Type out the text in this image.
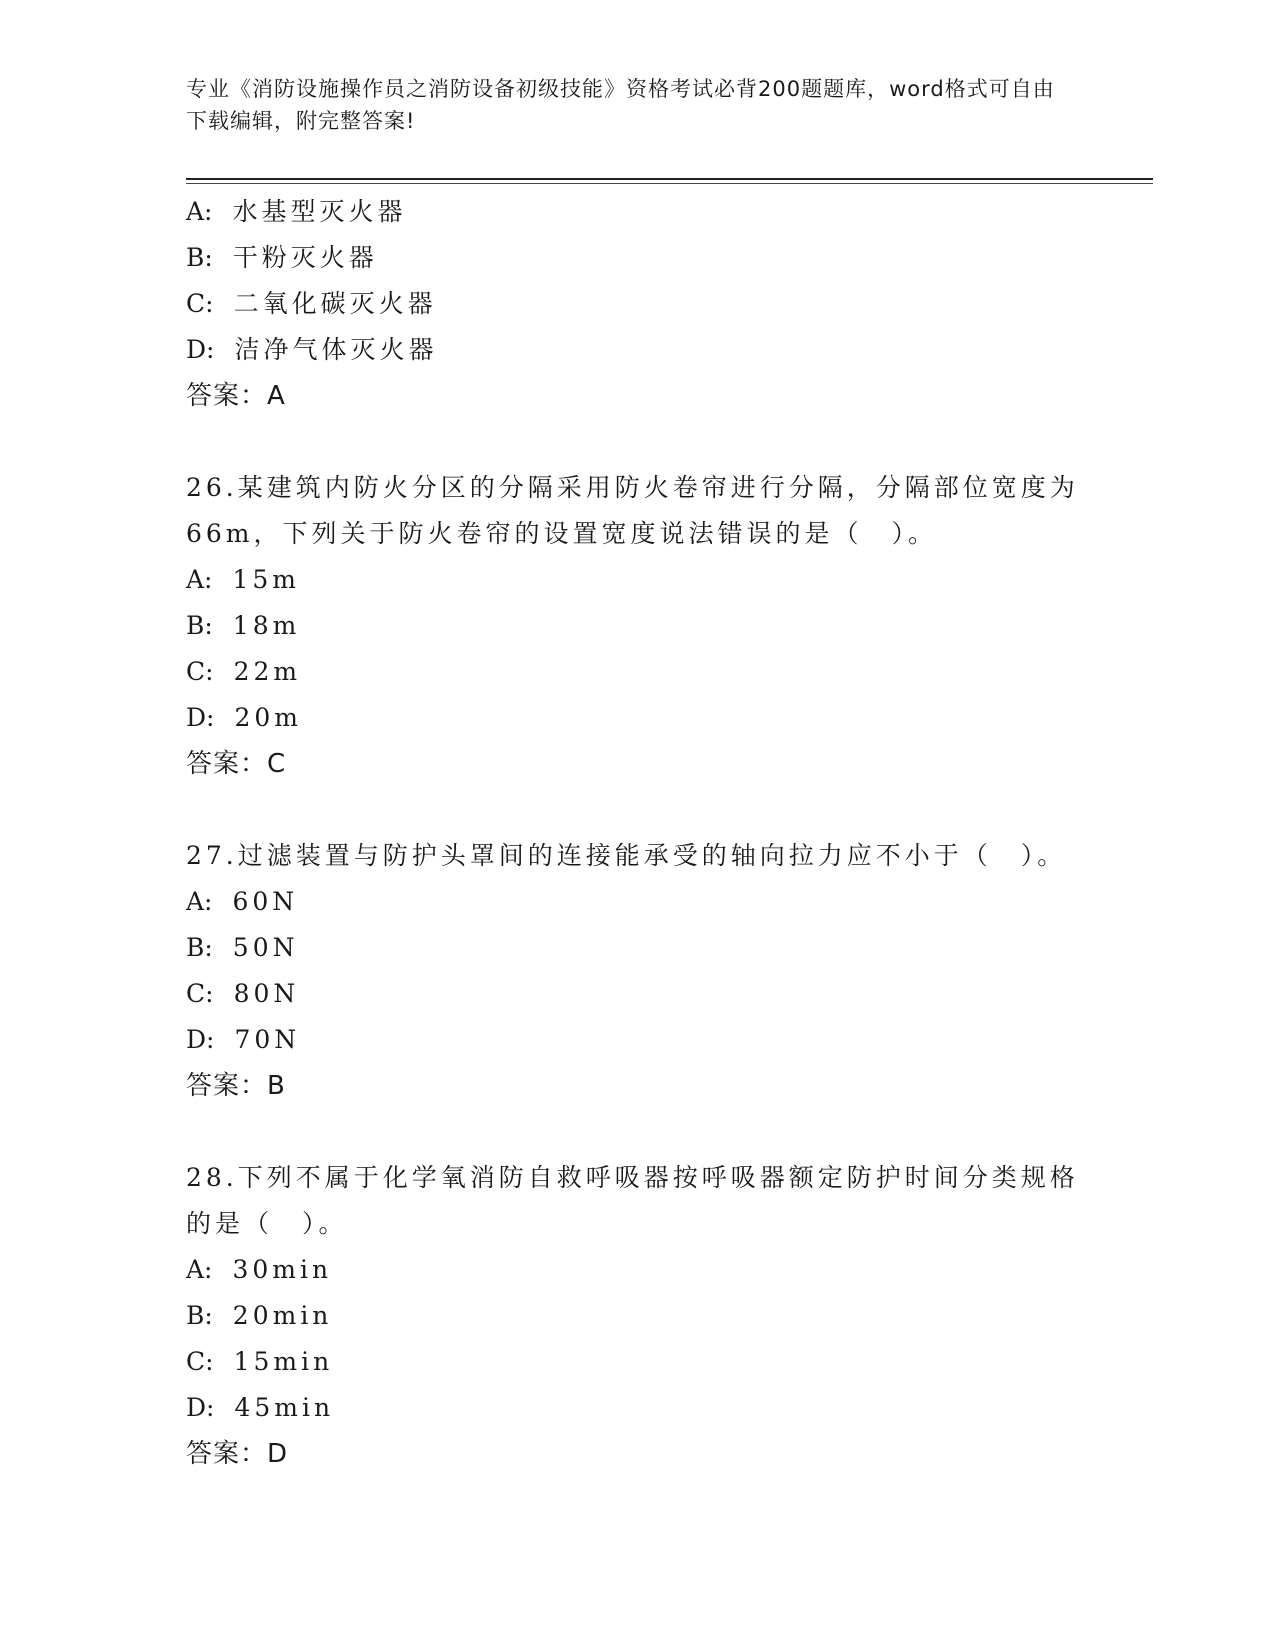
专业《消防设施操作员之消防设备初级技能》资格考试必背200题题库，word格式可自由下载编辑，附完整答案!
A: 水基型灭火器
B: 干粉灭火器
C: 二氧化碳灭火器
D: 洁净气体灭火器
答案：A
26.某建筑内防火分区的分隔采用防火卷帘进行分隔，分隔部位宽度为66m，下列关于防火卷帘的设置宽度说法错误的是（　）。
A: 15m
B: 18m
C: 22m
D: 20m
答案：C
27.过滤装置与防护头罩间的连接能承受的轴向拉力应不小于（　）。
A: 60N
B: 50N
C: 80N
D: 70N
答案：B
28.下列不属于化学氧消防自救呼吸器按呼吸器额定防护时间分类规格的是（　）。
A: 30min
B: 20min
C: 15min
D: 45min
答案：D
